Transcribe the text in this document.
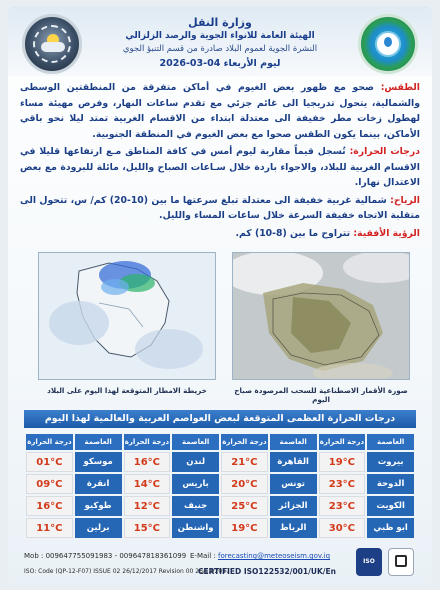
وزارة النقل
الهيئة العامة للانواء الجوية والرصد الزلزالي
النشرة الجوية لعموم البلاد صادرة من قسم التنبؤ الجوي
ليوم الأربعاء 04-03-2026

الطقس: صحو مع ظهور بعض الغيوم في أماكن متفرقة من المنطقتين الوسطى والشمالية، يتحول تدريجيا الى غائم جزئي مع تقدم ساعات النهار، وفرص مهيئة مساء لهطول زخات مطر خفيفة الى معتدلة ابتداء من الاقسام الغربية تمتد ليلا نحو باقي الأماكن، بينما يكون الطقس صحوا مع بعض الغيوم في المنطقة الجنوبية.

درجات الحرارة: تُسجل قيماً مقاربة ليوم أمس في كافة المناطق مـع ارتفاعها قليلا في الاقسام الغربية للبلاد، والاجواء باردة خلال سـاعات الصباح والليل، مائلة للبرودة مع بعض الاعتدال نهارا.

الرياح: شمالية غربية خفيفة الى معتدلة تبلغ سرعتها ما بين (10-20) كم/ س، تتحول الى متقلبة الاتجاه خفيفة السرعة خلال ساعات المساء والليل.

الرؤية الأفقية: تتراوح ما بين (8-10) كم.

خريطة الامطار المتوقعة لهذا اليوم على البلاد	صورة الأقمار الاصطناعية للسحب المرصودة صباح اليوم
درجات الحرارة العظمى المتوقعة لبعض العواصم العربية والعالمية لهذا اليوم
درجة الحرارة	العاصمة	درجة الحرارة	العاصمة	درجة الحرارة	العاصمة	درجة الحرارة	العاصمة
01°C	موسكو	16°C	لندن	21°C	القاهرة	19°C	بيروت
09°C	انقرة	14°C	باريس	20°C	تونس	23°C	الدوحة
16°C	طوكيو	12°C	جنيف	25°C	الجزائر	23°C	الكويت
11°C	برلين	15°C	واشنطن	19°C	الرباط	30°C	ابو ظبي
Mob : 009647755091983 - 009647818361099 E-Mail : forecasting@meteoseism.gov.iq
ISO: Code (QP-12-F07) ISSUE 02 26/12/2017 Revision 00 26/12/2017
CERTIFIED ISO122532/001/UK/En
ISO
